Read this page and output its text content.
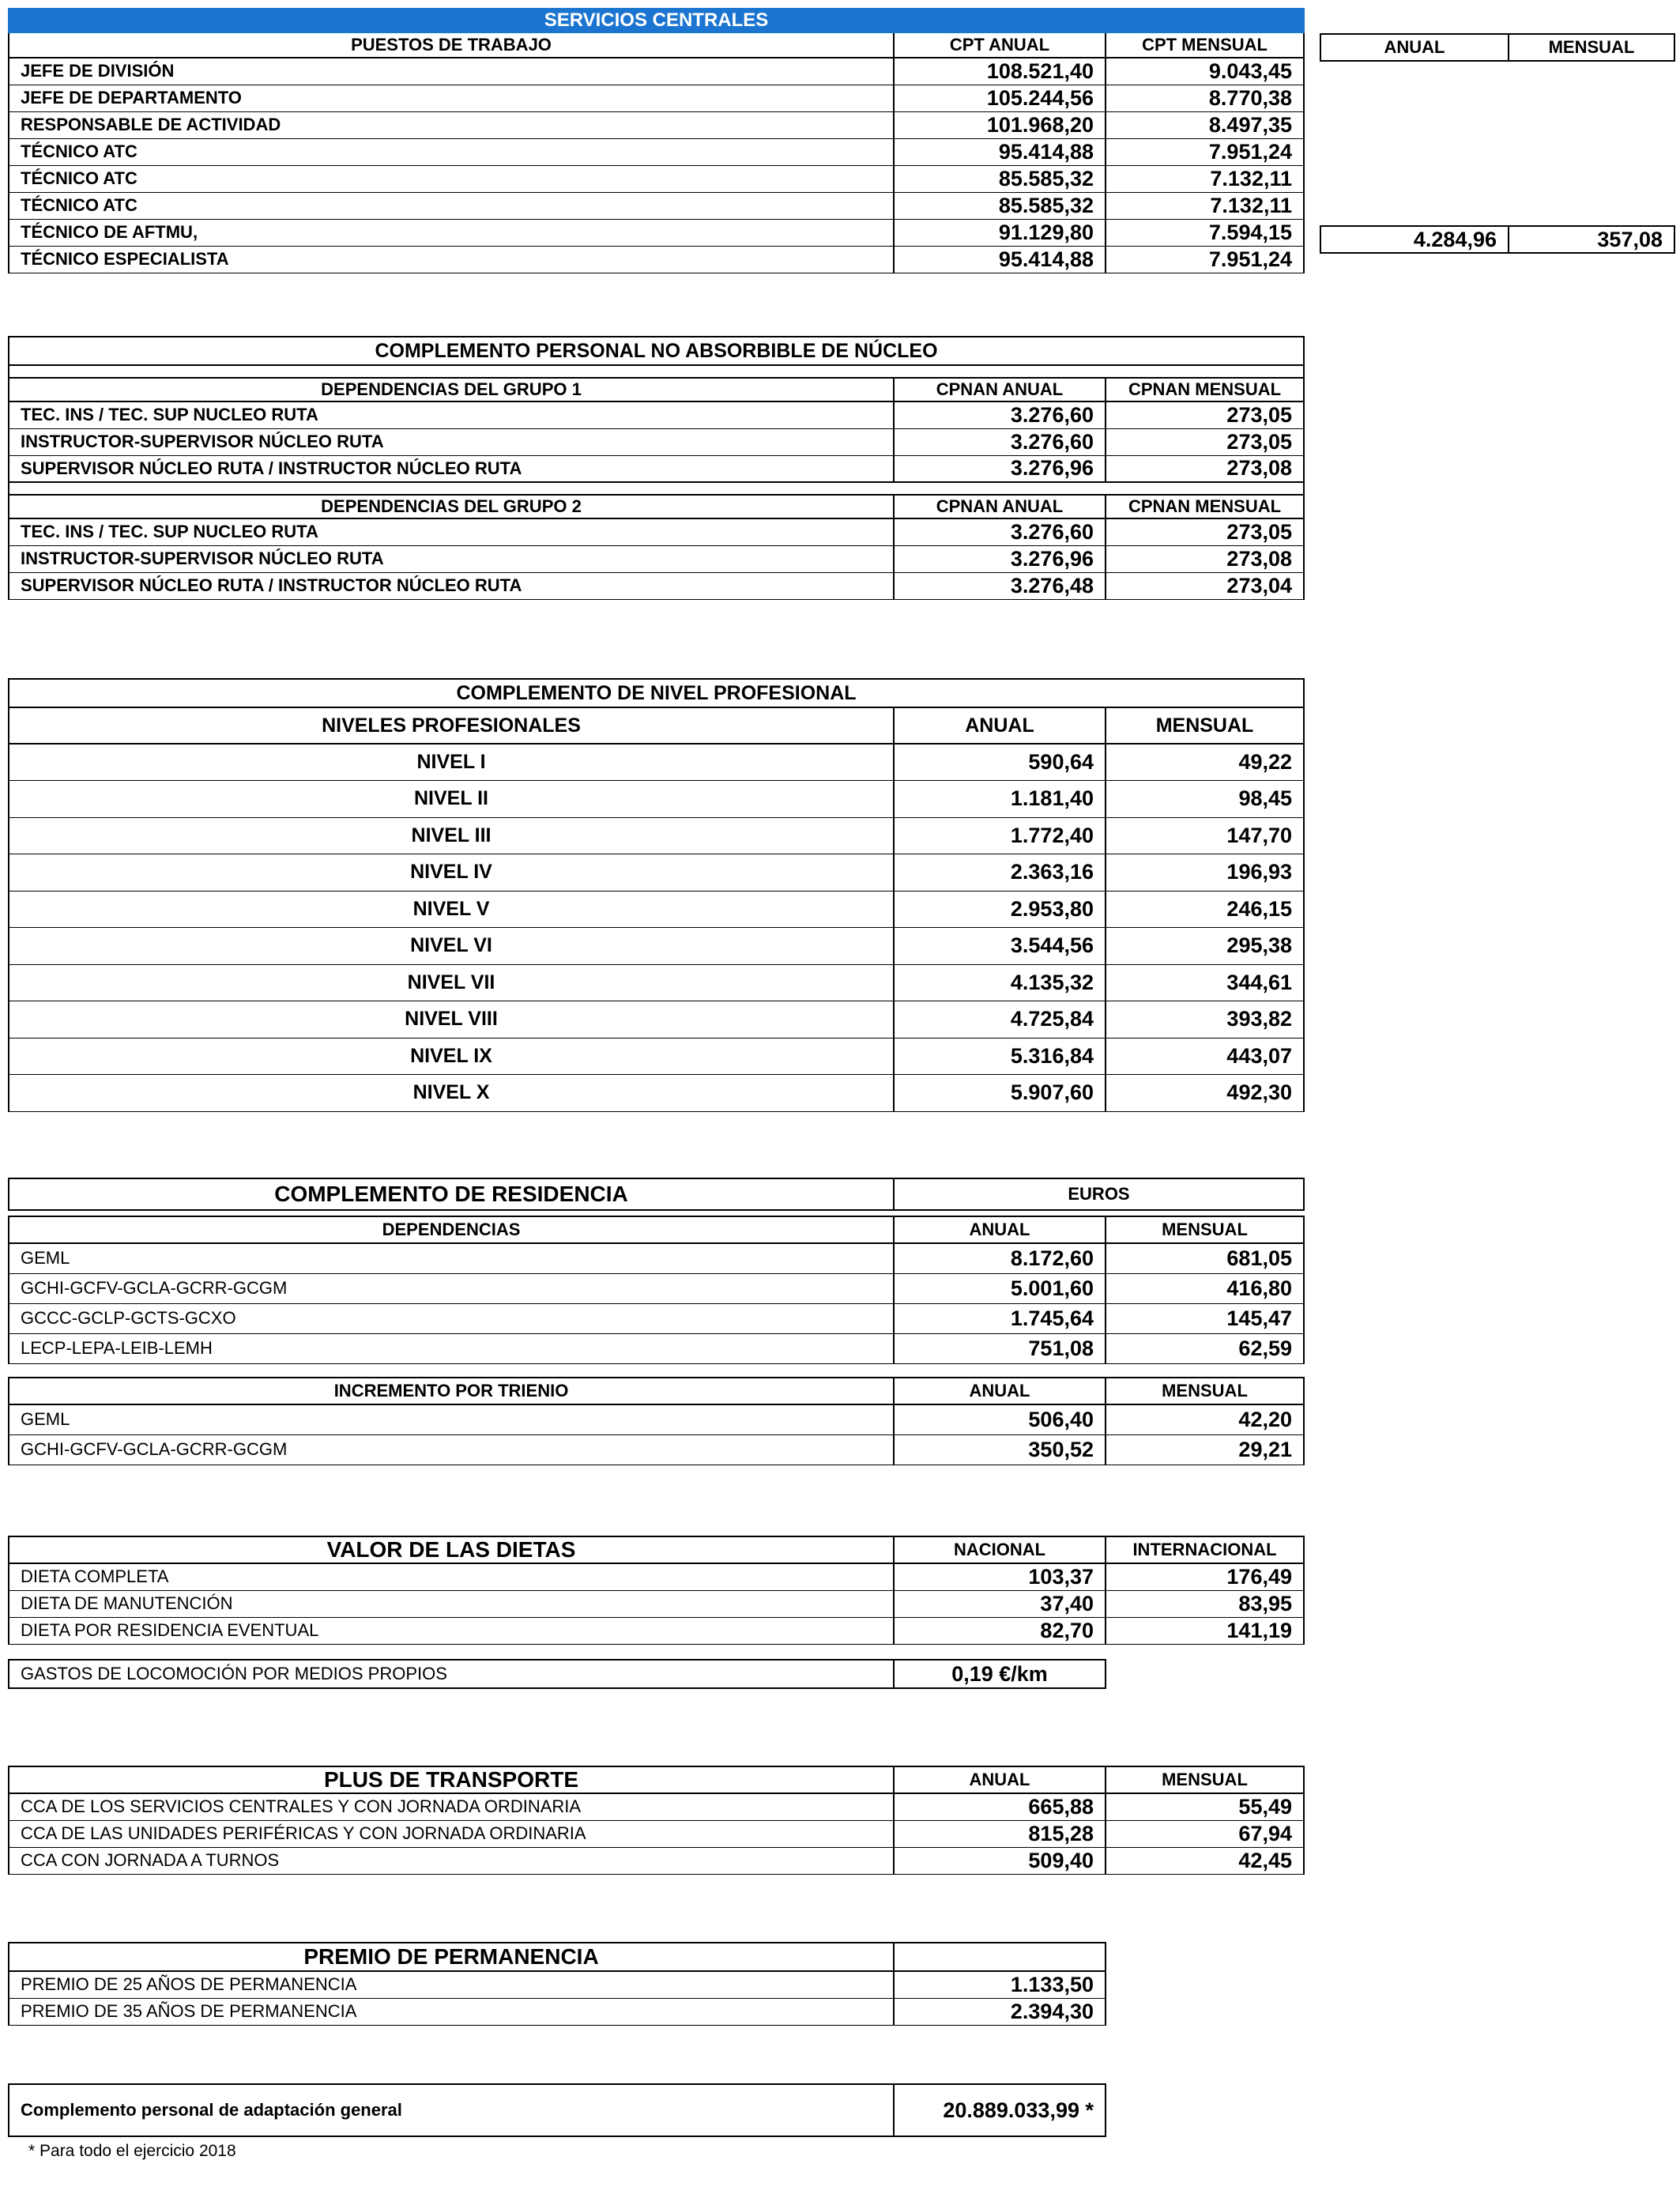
SERVICIOS CENTRALES		
PUESTOS DE TRABAJO	CPT ANUAL	CPT MENSUAL
JEFE DE DIVISIÓN	108.521,40	9.043,45
JEFE DE DEPARTAMENTO	105.244,56	8.770,38
RESPONSABLE DE ACTIVIDAD	101.968,20	8.497,35
TÉCNICO ATC	95.414,88	7.951,24
TÉCNICO ATC	85.585,32	7.132,11
TÉCNICO ATC	85.585,32	7.132,11
TÉCNICO DE AFTMU,	91.129,80	7.594,15
TÉCNICO ESPECIALISTA	95.414,88	7.951,24
ANUAL	MENSUAL
4.284,96	357,08
COMPLEMENTO PERSONAL NO ABSORBIBLE DE NÚCLEO		

DEPENDENCIAS DEL GRUPO 1	CPNAN ANUAL	CPNAN MENSUAL
TEC. INS / TEC. SUP NUCLEO RUTA	3.276,60	273,05
INSTRUCTOR-SUPERVISOR NÚCLEO RUTA	3.276,60	273,05
SUPERVISOR NÚCLEO RUTA / INSTRUCTOR NÚCLEO RUTA	3.276,96	273,08

DEPENDENCIAS DEL GRUPO 2	CPNAN ANUAL	CPNAN MENSUAL
TEC. INS / TEC. SUP NUCLEO RUTA	3.276,60	273,05
INSTRUCTOR-SUPERVISOR NÚCLEO RUTA	3.276,96	273,08
SUPERVISOR NÚCLEO RUTA / INSTRUCTOR NÚCLEO RUTA	3.276,48	273,04
COMPLEMENTO DE NIVEL PROFESIONAL		
NIVELES PROFESIONALES	ANUAL	MENSUAL
NIVEL I	590,64	49,22
NIVEL II	1.181,40	98,45
NIVEL III	1.772,40	147,70
NIVEL IV	2.363,16	196,93
NIVEL V	2.953,80	246,15
NIVEL VI	3.544,56	295,38
NIVEL VII	4.135,32	344,61
NIVEL VIII	4.725,84	393,82
NIVEL IX	5.316,84	443,07
NIVEL X	5.907,60	492,30
COMPLEMENTO DE RESIDENCIA	EUROS
DEPENDENCIAS	ANUAL	MENSUAL
GEML	8.172,60	681,05
GCHI-GCFV-GCLA-GCRR-GCGM	5.001,60	416,80
GCCC-GCLP-GCTS-GCXO	1.745,64	145,47
LECP-LEPA-LEIB-LEMH	751,08	62,59
INCREMENTO POR TRIENIO	ANUAL	MENSUAL
GEML	506,40	42,20
GCHI-GCFV-GCLA-GCRR-GCGM	350,52	29,21
VALOR DE LAS DIETAS	NACIONAL	INTERNACIONAL
DIETA COMPLETA	103,37	176,49
DIETA DE MANUTENCIÓN	37,40	83,95
DIETA POR RESIDENCIA EVENTUAL	82,70	141,19
GASTOS DE LOCOMOCIÓN POR MEDIOS PROPIOS	0,19 €/km
PLUS DE TRANSPORTE	ANUAL	MENSUAL
CCA DE LOS SERVICIOS CENTRALES Y CON JORNADA ORDINARIA	665,88	55,49
CCA DE LAS UNIDADES PERIFÉRICAS Y CON JORNADA ORDINARIA	815,28	67,94
CCA CON JORNADA A TURNOS	509,40	42,45
PREMIO DE PERMANENCIA	
PREMIO DE 25 AÑOS DE PERMANENCIA	1.133,50
PREMIO DE 35 AÑOS DE PERMANENCIA	2.394,30
Complemento personal de adaptación general	20.889.033,99 *
* Para todo el ejercicio 2018
